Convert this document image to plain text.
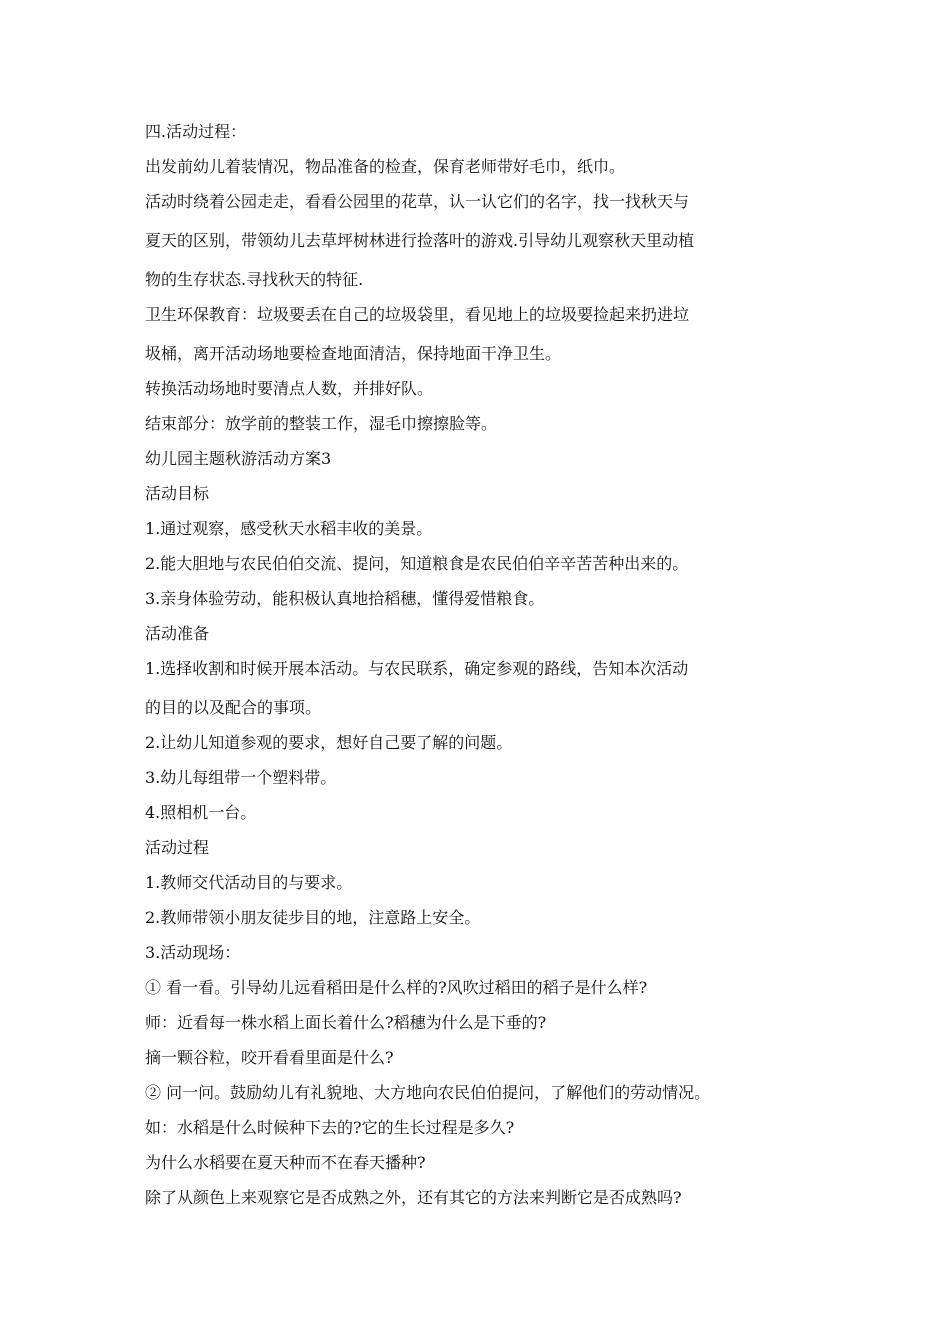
四.活动过程：
出发前幼儿着装情况，物品准备的检查，保育老师带好毛巾，纸巾。
活动时绕着公园走走，看看公园里的花草，认一认它们的名字，找一找秋天与
夏天的区别，带领幼儿去草坪树林进行捡落叶的游戏.引导幼儿观察秋天里动植
物的生存状态.寻找秋天的特征.
卫生环保教育：垃圾要丢在自己的垃圾袋里，看见地上的垃圾要捡起来扔进垃
圾桶，离开活动场地要检查地面清洁，保持地面干净卫生。
转换活动场地时要清点人数，并排好队。
结束部分：放学前的整装工作，湿毛巾擦擦脸等。
幼儿园主题秋游活动方案3
活动目标
1.通过观察，感受秋天水稻丰收的美景。
2.能大胆地与农民伯伯交流、提问，知道粮食是农民伯伯辛辛苦苦种出来的。
3.亲身体验劳动，能积极认真地拾稻穗，懂得爱惜粮食。
活动准备
1.选择收割和时候开展本活动。与农民联系，确定参观的路线，告知本次活动
的目的以及配合的事项。
2.让幼儿知道参观的要求，想好自己要了解的问题。
3.幼儿每组带一个塑料带。
4.照相机一台。
活动过程
1.教师交代活动目的与要求。
2.教师带领小朋友徒步目的地，注意路上安全。
3.活动现场：
① 看一看。引导幼儿远看稻田是什么样的?风吹过稻田的稻子是什么样?
师：近看每一株水稻上面长着什么?稻穗为什么是下垂的?
摘一颗谷粒，咬开看看里面是什么?
② 问一问。鼓励幼儿有礼貌地、大方地向农民伯伯提问，了解他们的劳动情况。
如：水稻是什么时候种下去的?它的生长过程是多久?
为什么水稻要在夏天种而不在春天播种?
除了从颜色上来观察它是否成熟之外，还有其它的方法来判断它是否成熟吗?
